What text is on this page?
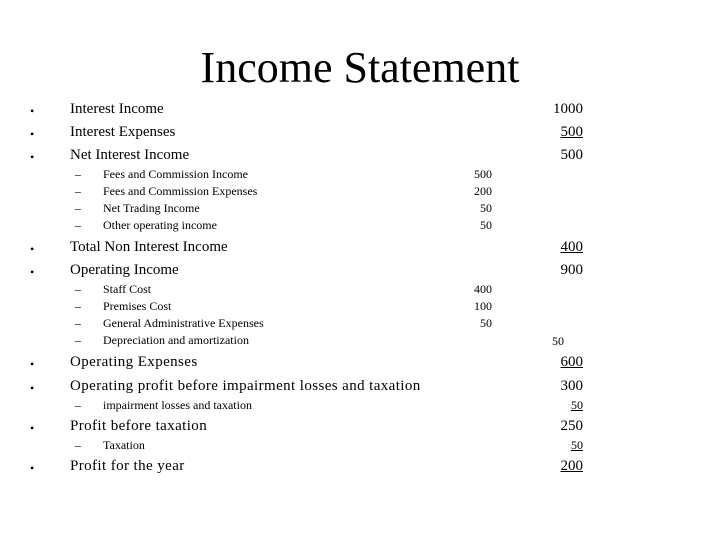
Income Statement
• Interest Income	1000
• Interest Expenses	500
• Net Interest Income	500
– Fees and Commission Income	500
– Fees and Commission Expenses	200
– Net Trading Income	50
– Other operating income	50
• Total Non Interest Income	400
• Operating Income	900
– Staff Cost	400
– Premises Cost	100
– General Administrative Expenses	50
– Depreciation and amortization	50
• Operating Expenses	600
• Operating profit before impairment losses and taxation	300
– impairment losses and taxation	50
• Profit before taxation	250
– Taxation	50
• Profit for the year	200
